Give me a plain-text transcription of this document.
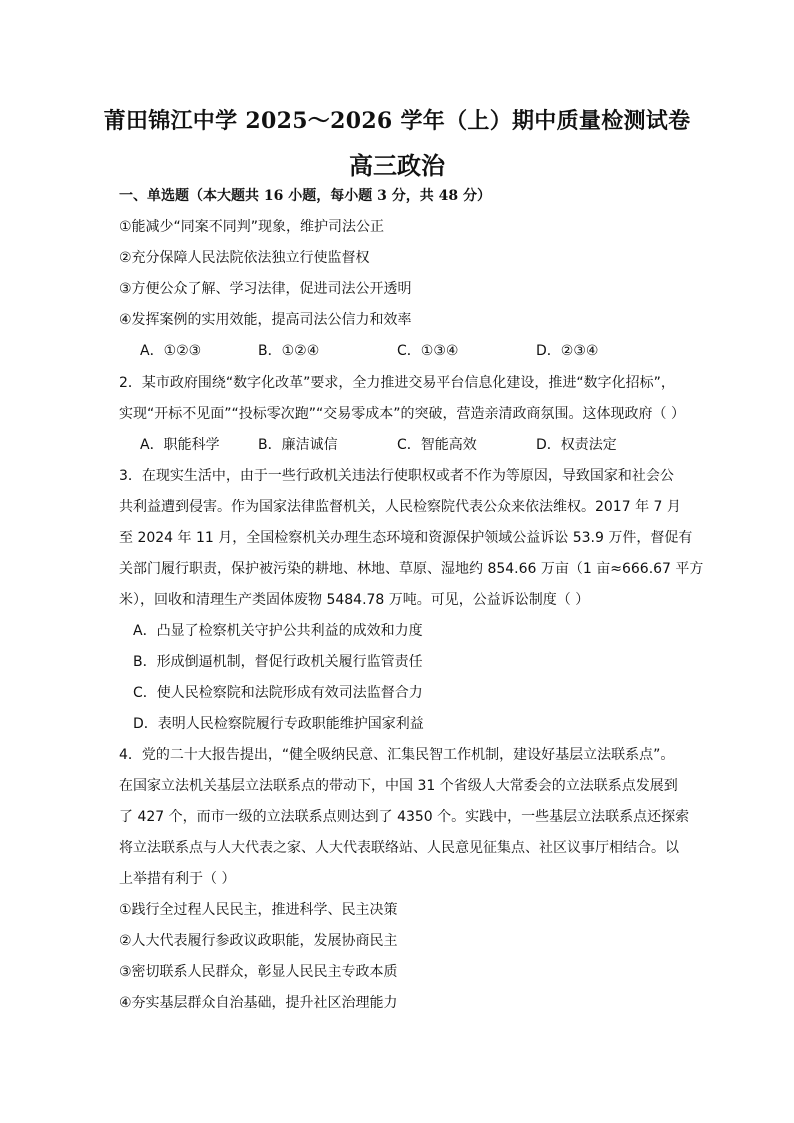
莆田锦江中学 2025～2026 学年（上）期中质量检测试卷
高三政治
一、单选题（本大题共 16 小题，每小题 3 分，共 48 分）
①能减少“同案不同判”现象，维护司法公正
②充分保障人民法院依法独立行使监督权
③方便公众了解、学习法律，促进司法公开透明
④发挥案例的实用效能，提高司法公信力和效率
A．①②③	B．①②④	C．①③④	D．②③④
2．某市政府围绕“数字化改革”要求，全力推进交易平台信息化建设，推进“数字化招标”，
实现“开标不见面”“投标零次跑”“交易零成本”的突破，营造亲清政商氛围。这体现政府（ ）
A．职能科学	B．廉洁诚信	C．智能高效	D．权责法定
3．在现实生活中，由于一些行政机关违法行使职权或者不作为等原因，导致国家和社会公
共利益遭到侵害。作为国家法律监督机关，人民检察院代表公众来依法维权。2017 年 7 月
至 2024 年 11 月，全国检察机关办理生态环境和资源保护领域公益诉讼 53.9 万件，督促有
关部门履行职责，保护被污染的耕地、林地、草原、湿地约 854.66 万亩（1 亩≈666.67 平方
米），回收和清理生产类固体废物 5484.78 万吨。可见，公益诉讼制度（ ）
A．凸显了检察机关守护公共利益的成效和力度
B．形成倒逼机制，督促行政机关履行监管责任
C．使人民检察院和法院形成有效司法监督合力
D．表明人民检察院履行专政职能维护国家利益
4．党的二十大报告提出，“健全吸纳民意、汇集民智工作机制，建设好基层立法联系点”。
在国家立法机关基层立法联系点的带动下，中国 31 个省级人大常委会的立法联系点发展到
了 427 个，而市一级的立法联系点则达到了 4350 个。实践中，一些基层立法联系点还探索
将立法联系点与人大代表之家、人大代表联络站、人民意见征集点、社区议事厅相结合。以
上举措有利于（ ）
①践行全过程人民民主，推进科学、民主决策
②人大代表履行参政议政职能，发展协商民主
③密切联系人民群众，彰显人民民主专政本质
④夯实基层群众自治基础，提升社区治理能力
